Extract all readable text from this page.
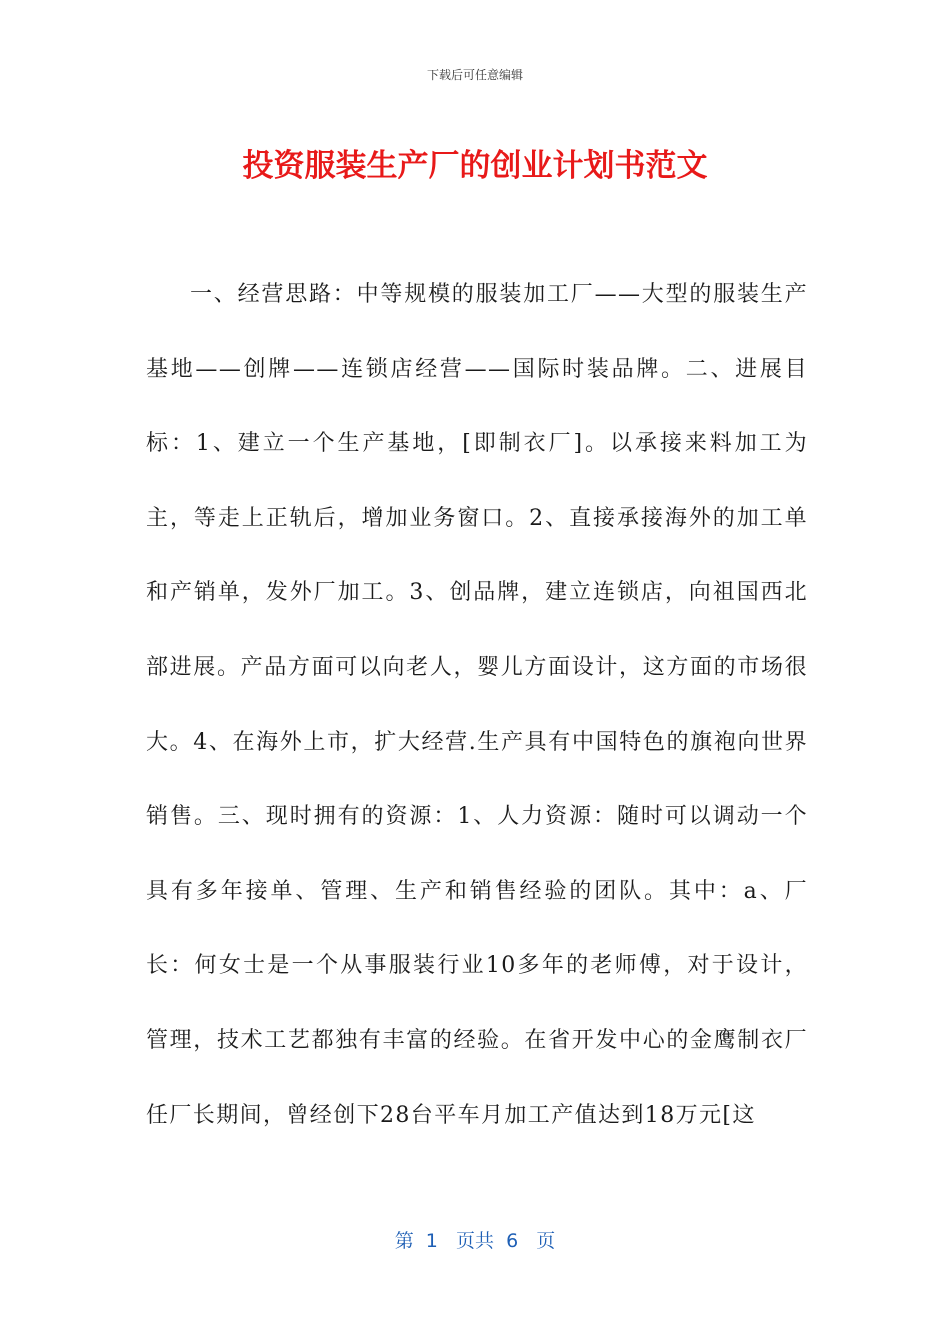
下载后可任意编辑
投资服装生产厂的创业计划书范文

一、经营思路：中等规模的服装加工厂——大型的服装生产基地——创牌——连锁店经营——国际时装品牌。二、进展目标：1、建立一个生产基地，[即制衣厂]。以承接来料加工为主，等走上正轨后，增加业务窗口。2、直接承接海外的加工单和产销单，发外厂加工。3、创品牌，建立连锁店，向祖国西北部进展。产品方面可以向老人，婴儿方面设计，这方面的市场很大。4、在海外上市，扩大经营.生产具有中国特色的旗袍向世界销售。三、现时拥有的资源：1、人力资源：随时可以调动一个具有多年接单、管理、生产和销售经验的团队。其中：a、厂长：何女士是一个从事服装行业10多年的老师傅，对于设计，管理，技术工艺都独有丰富的经验。在省开发中心的金鹰制衣厂任厂长期间，曾经创下28台平车月加工产值达到18万元[这

第  1   页共  6   页
